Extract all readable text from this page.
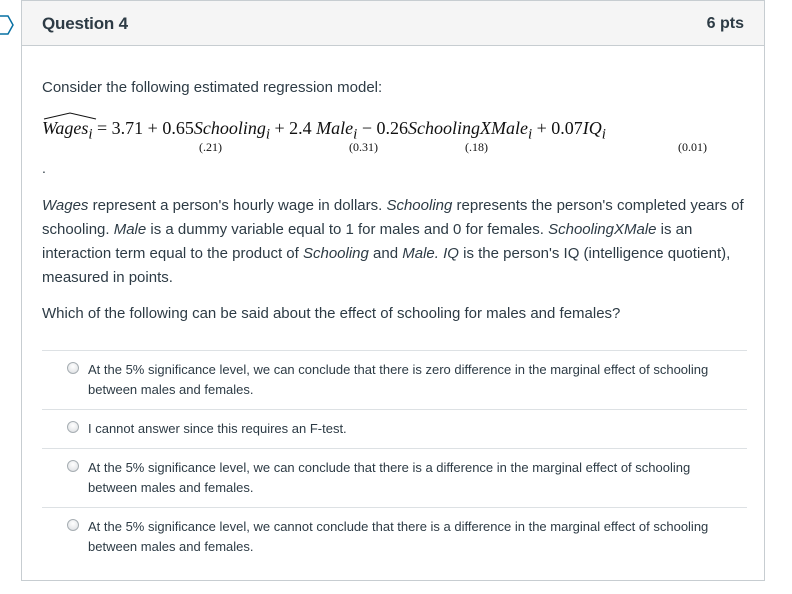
Question 4	6 pts
Consider the following estimated regression model:
Wages$_i$ = 3.71 + 0.65Schooling$_i$ + 2.4 Male$_i$ − 0.26SchoolingXMale$_i$ + $0.07IQ_i$
(.21)	(0.31)	(.18)	(0.01)
.
Wages represent a person's hourly wage in dollars. Schooling represents the person's completed years of schooling. Male is a dummy variable equal to 1 for males and 0 for females. SchoolingXMale is an interaction term equal to the product of Schooling and Male. IQ is the person's IQ (intelligence quotient), measured in points.
Which of the following can be said about the effect of schooling for males and females?
At the 5% significance level, we can conclude that there is zero difference in the marginal effect of schooling between males and females.
I cannot answer since this requires an F-test.
At the 5% significance level, we can conclude that there is a difference in the marginal effect of schooling between males and females.
At the 5% significance level, we cannot conclude that there is a difference in the marginal effect of schooling between males and females.
